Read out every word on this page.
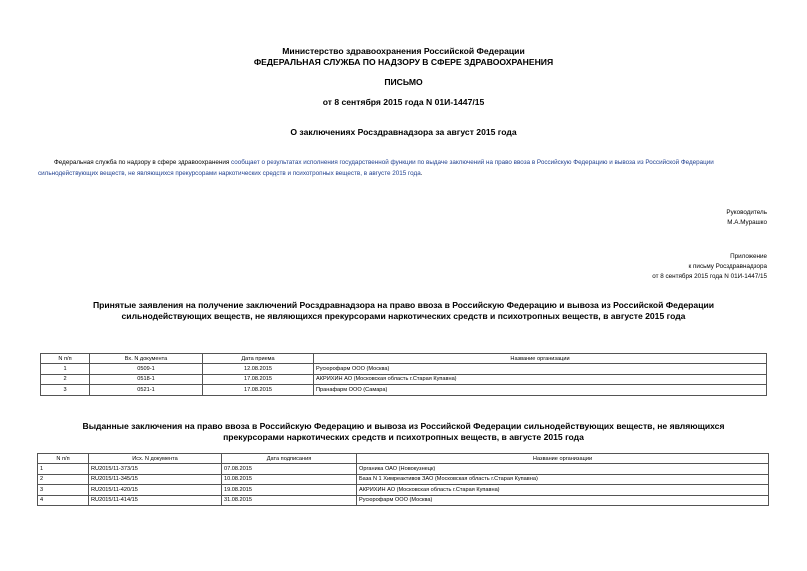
Министерство здравоохранения Российской Федерации
ФЕДЕРАЛЬНАЯ СЛУЖБА ПО НАДЗОРУ В СФЕРЕ ЗДРАВООХРАНЕНИЯ
ПИСЬМО
от 8 сентября 2015 года N 01И-1447/15
О заключениях Росздравнадзора за август 2015 года
Федеральная служба по надзору в сфере здравоохранения сообщает о результатах исполнения государственной функции по выдаче заключений на право ввоза в Российскую Федерацию и вывоза из Российской Федерации сильнодействующих веществ, не являющихся прекурсорами наркотических средств и психотропных веществ, в августе 2015 года.
Руководитель
М.А.Мурашко
Приложение
к письму Росздравнадзора
от 8 сентября 2015 года N 01И-1447/15
Принятые заявления на получение заключений Росздравнадзора на право ввоза в Российскую Федерацию и вывоза из Российской Федерации
сильнодействующих веществ, не являющихся прекурсорами наркотических средств и психотропных веществ, в августе 2015 года
N п/п	Вх. N документа	Дата приема	Название организации
1	0509-1	12.08.2015	Русюрофарм ООО (Москва)
2	0518-1	17.08.2015	АКРИХИН АО (Московская область г.Старая Купавна)
3	0521-1	17.08.2015	Пранафарм ООО (Самара)
Выданные заключения на право ввоза в Российскую Федерацию и вывоза из Российской Федерации сильнодействующих веществ, не являющихся
прекурсорами наркотических средств и психотропных веществ, в августе 2015 года
N п/п	Исх. N документа	Дата подписания	Название организации
1	RU2015/11-373/15	07.08.2015	Органика ОАО (Новокузнецк)
2	RU2015/11-345/15	10.08.2015	База N 1 Химреактивов ЗАО (Московская область г.Старая Купавна)
3	RU2015/11-420/15	19.08.2015	АКРИХИН АО (Московская область г.Старая Купавна)
4	RU2015/11-414/15	31.08.2015	Русюрофарм ООО (Москва)
